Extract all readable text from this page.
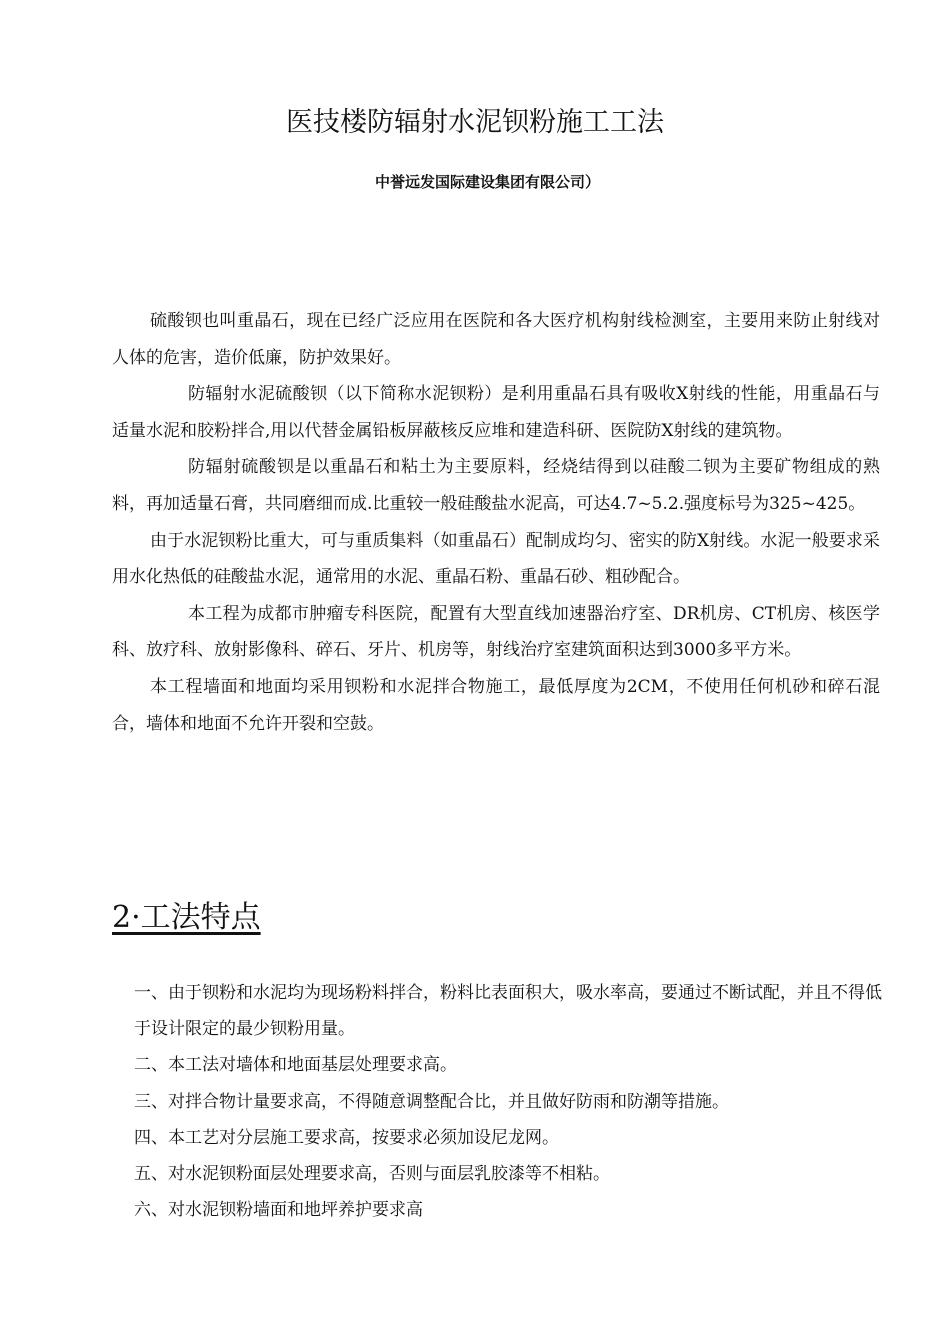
医技楼防辐射水泥钡粉施工工法
中誉远发国际建设集团有限公司）

硫酸钡也叫重晶石，现在已经广泛应用在医院和各大医疗机构射线检测室，主要用来防止射线对人体的危害，造价低廉，防护效果好。

防辐射水泥硫酸钡（以下简称水泥钡粉）是利用重晶石具有吸收X射线的性能，用重晶石与适量水泥和胶粉拌合,用以代替金属铅板屏蔽核反应堆和建造科研、医院防X射线的建筑物。

防辐射硫酸钡是以重晶石和粘土为主要原料，经烧结得到以硅酸二钡为主要矿物组成的熟料，再加适量石膏，共同磨细而成.比重较一般硅酸盐水泥高，可达4.7~5.2.强度标号为325~425。

由于水泥钡粉比重大，可与重质集料（如重晶石）配制成均匀、密实的防X射线。水泥一般要求采用水化热低的硅酸盐水泥，通常用的水泥、重晶石粉、重晶石砂、粗砂配合。

本工程为成都市肿瘤专科医院，配置有大型直线加速器治疗室、DR机房、CT机房、核医学科、放疗科、放射影像科、碎石、牙片、机房等，射线治疗室建筑面积达到3000多平方米。

本工程墙面和地面均采用钡粉和水泥拌合物施工，最低厚度为2CM，不使用任何机砂和碎石混合，墙体和地面不允许开裂和空鼓。

2·工法特点
一、由于钡粉和水泥均为现场粉料拌合，粉料比表面积大，吸水率高，要通过不断试配，并且不得低于设计限定的最少钡粉用量。
二、本工法对墙体和地面基层处理要求高。
三、对拌合物计量要求高，不得随意调整配合比，并且做好防雨和防潮等措施。
四、本工艺对分层施工要求高，按要求必须加设尼龙网。
五、对水泥钡粉面层处理要求高，否则与面层乳胶漆等不相粘。
六、对水泥钡粉墙面和地坪养护要求高
